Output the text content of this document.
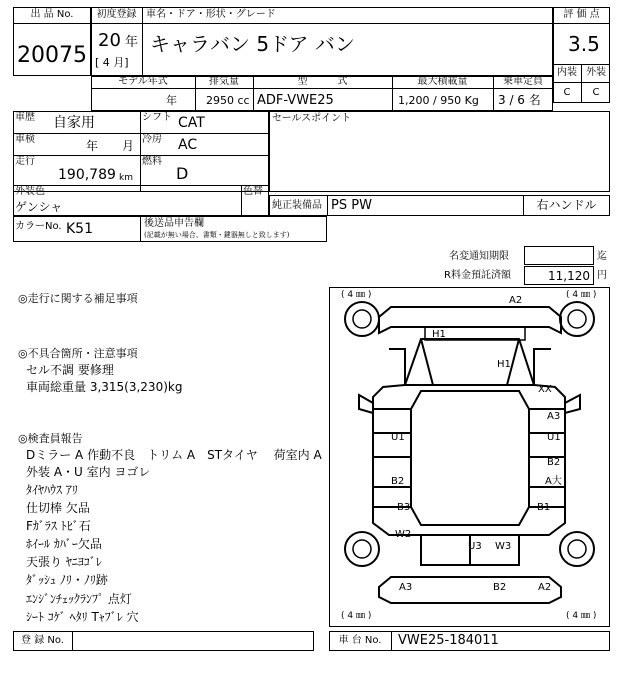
出 品 No.
20075
初度登録 車名・ドア・形状・グレード
20 年
[ 4 月]
キャラバン 5ドア バン
評 価 点
3.5
内装 外装
C	C
モデル年式	排気量	型　　　式	最大積載量	乗車定員
年	2950 cc ADF-VWE25	1,200 / 950 Kg 3 / 6 名
車歴 自家用	シフト CAT
車検	年 月 冷房 AC
走行
190,789 km
燃料
D
セールスポイント
外装色
ゲンシャ
色替
純正装備品 PS PW	右ハンドル
カラーNo. K51	後送品申告欄
(記載が無い場合、書類・鍵器無しと致します)
名変通知期限	迄
R料金預託済額	11,120 円
◎走行に関する補足事項
◎不具合箇所・注意事項
セル不調 要修理
車両総重量 3,315(3,230)kg
◎検査員報告
Dミラー A 作動不良　トリム A　STタイヤ　 荷室内 A
外装 A・U 室内 ヨゴレ
ﾀｲﾔﾊｳｽ ｱﾘ
仕切棒 欠品
Fｶﾞﾗｽ ﾄﾋﾞ石
ﾎｲｰﾙ ｶﾊﾞｰ欠品
天張り ﾔﾆﾖｺﾞﾚ
ﾀﾞｯｼｭ ﾉﾘ・ﾉﾘ跡
ｴﾝｼﾞﾝﾁｪｯｸﾗﾝﾌﾟ 点灯
ｼｰﾄ ｺｹﾞ ﾍﾀﾘ Tｬﾌﾞﾚ 穴
( 4 ㎜ )	( 4 ㎜ )
( 4 ㎜ )	( 4 ㎜ )
A2
H1
H1
XX
A3
U1
U1
B2
A大
B2
B3	B1
W2
U3 W3
A3	B2	A2
登 録 No.	車 台 No.	VWE25-184011
